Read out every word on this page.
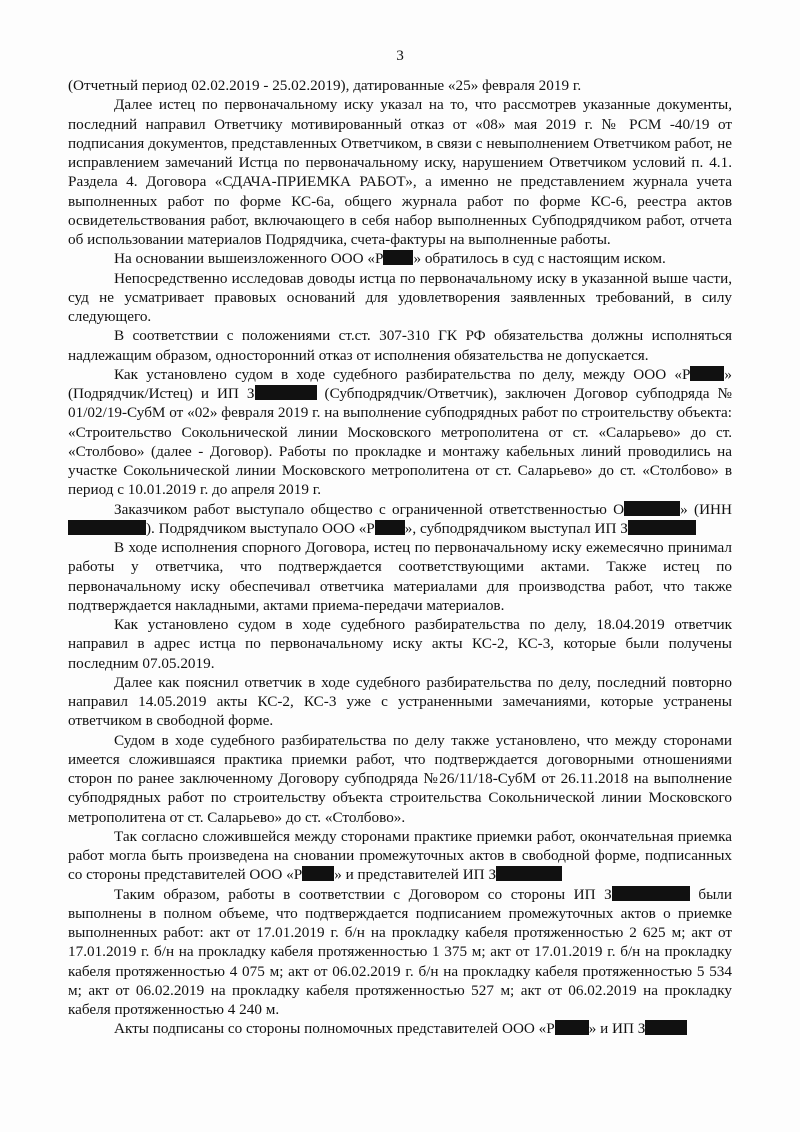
3

(Отчетный период 02.02.2019 - 25.02.2019), датированные «25» февраля 2019 г.

Далее истец по первоначальному иску указал на то, что рассмотрев указанные документы, последний направил Ответчику мотивированный отказ от «08» мая 2019 г. № РСМ -40/19 от подписания документов, представленных Ответчиком, в связи с невыполнением Ответчиком работ, не исправлением замечаний Истца по первоначальному иску, нарушением Ответчиком условий п. 4.1. Раздела 4. Договора «СДАЧА-ПРИЕМКА РАБОТ», а именно не представлением журнала учета выполненных работ по форме КС-6а, общего журнала работ по форме КС-6, реестра актов освидетельствования работ, включающего в себя набор выполненных Субподрядчиком работ, отчета об использовании материалов Подрядчика, счета-фактуры на выполненные работы.

На основании вышеизложенного ООО «Р » обратилось в суд с настоящим иском.

Непосредственно исследовав доводы истца по первоначальному иску в указанной выше части, суд не усматривает правовых оснований для удовлетворения заявленных требований, в силу следующего.

В соответствии с положениями ст.ст. 307-310 ГК РФ обязательства должны исполняться надлежащим образом, односторонний отказ от исполнения обязательства не допускается.

Как установлено судом в ходе судебного разбирательства по делу, между ООО «Р » (Подрядчик/Истец) и ИП З	(Субподрядчик/Ответчик), заключен Договор субподряда № 01/02/19-СубМ от «02» февраля 2019 г. на выполнение субподрядных работ по строительству объекта: «Строительство Сокольнической линии Московского метрополитена от ст. «Саларьево» до ст. «Столбово» (далее - Договор). Работы по прокладке и монтажу кабельных линий проводились на участке Сокольнической линии Московского метрополитена от ст. Саларьево» до ст. «Столбово» в период с 10.01.2019 г. до апреля 2019 г.

Заказчиком работ выступало общество с ограниченной ответственностью О	» (ИНН ). Подрядчиком выступало ООО «Р », субподрядчиком выступал ИП З

В ходе исполнения спорного Договора, истец по первоначальному иску ежемесячно принимал работы у ответчика, что подтверждается соответствующими актами. Также истец по первоначальному иску обеспечивал ответчика материалами для производства работ, что также подтверждается накладными, актами приема-передачи материалов.

Как установлено судом в ходе судебного разбирательства по делу, 18.04.2019 ответчик направил в адрес истца по первоначальному иску акты КС-2, КС-3, которые были получены последним 07.05.2019.

Далее как пояснил ответчик в ходе судебного разбирательства по делу, последний повторно направил 14.05.2019 акты КС-2, КС-3 уже с устраненными замечаниями, которые устранены ответчиком в свободной форме.

Судом в ходе судебного разбирательства по делу также установлено, что между сторонами имеется сложившаяся практика приемки работ, что подтверждается договорными отношениями сторон по ранее заключенному Договору субподряда №26/11/18-СубМ от 26.11.2018 на выполнение субподрядных работ по строительству объекта строительства Сокольнической линии Московского метрополитена от ст. Саларьево» до ст. «Столбово».

Так согласно сложившейся между сторонами практике приемки работ, окончательная приемка работ могла быть произведена на сновании промежуточных актов в свободной форме, подписанных со стороны представителей ООО «Р » и представителей ИП З

Таким образом, работы в соответствии с Договором со стороны ИП З	были выполнены в полном объеме, что подтверждается подписанием промежуточных актов о приемке выполненных работ: акт от 17.01.2019 г. б/н на прокладку кабеля протяженностью 2 625 м; акт от 17.01.2019 г. б/н на прокладку кабеля протяженностью 1 375 м; акт от 17.01.2019 г. б/н на прокладку кабеля протяженностью 4 075 м; акт от 06.02.2019 г. б/н на прокладку кабеля протяженностью 5 534 м; акт от 06.02.2019 на прокладку кабеля протяженностью 527 м; акт от 06.02.2019 на прокладку кабеля протяженностью 4 240 м.

Акты подписаны со стороны полномочных представителей ООО «Р » и ИП З
